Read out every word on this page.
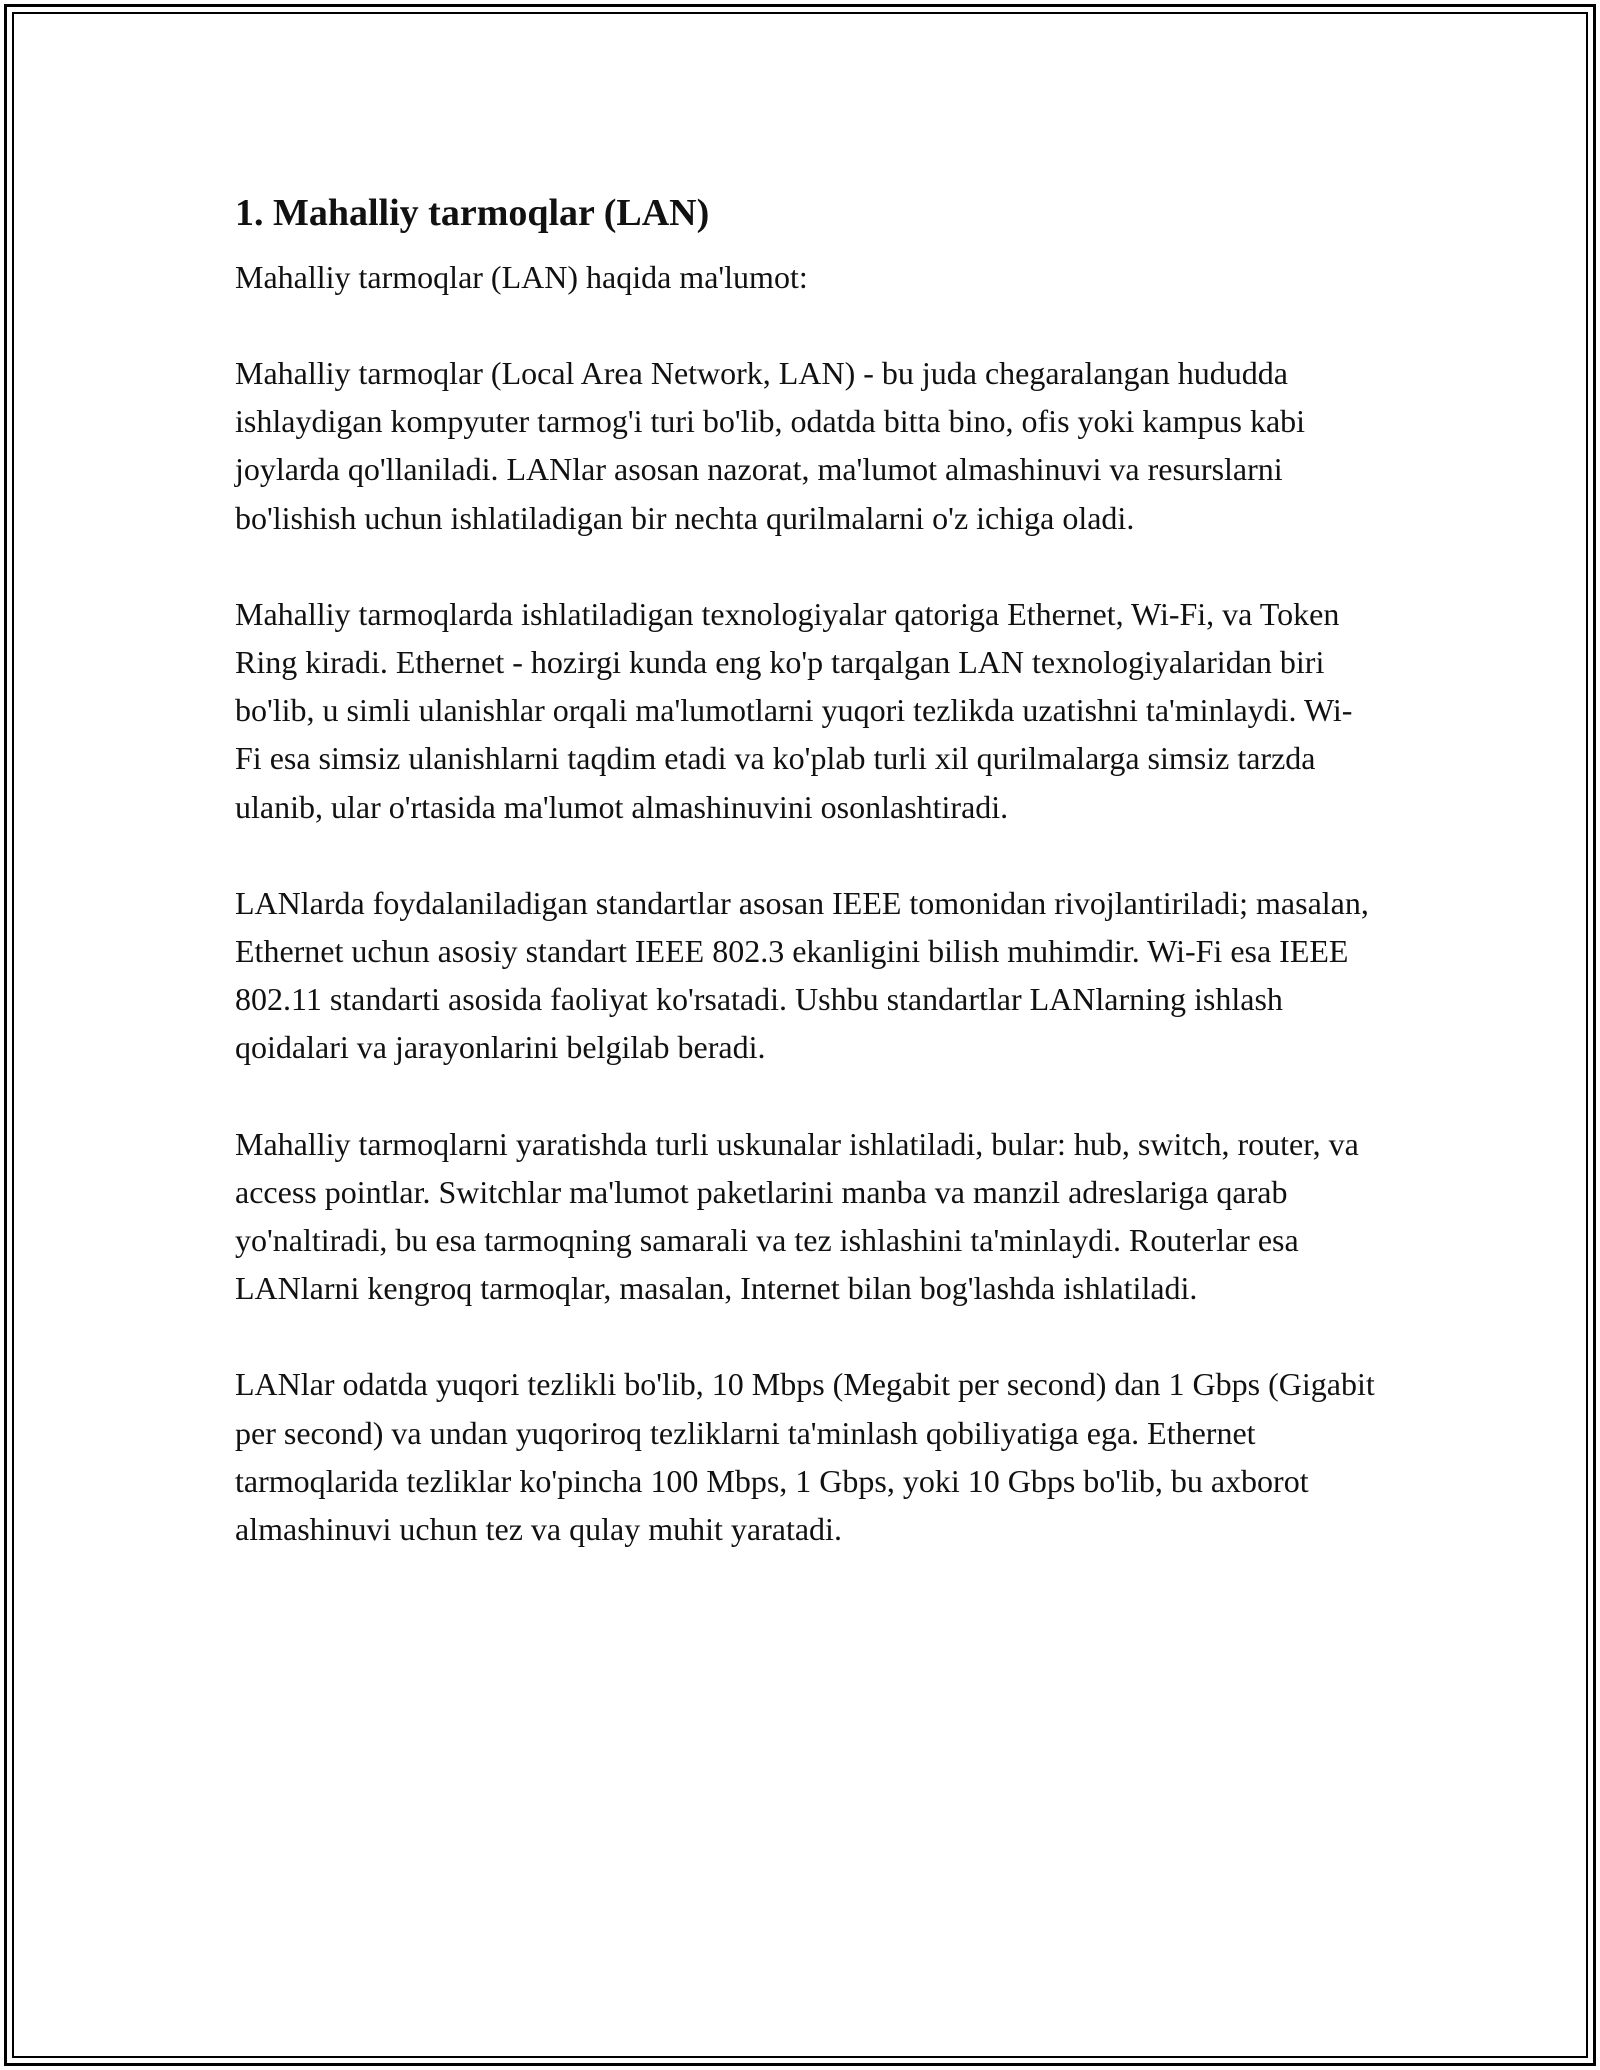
1. Mahalliy tarmoqlar (LAN)

Mahalliy tarmoqlar (LAN) haqida ma'lumot:

Mahalliy tarmoqlar (Local Area Network, LAN) - bu juda chegaralangan hududda ishlaydigan kompyuter tarmog'i turi bo'lib, odatda bitta bino, ofis yoki kampus kabi joylarda qo'llaniladi. LANlar asosan nazorat, ma'lumot almashinuvi va resurslarni bo'lishish uchun ishlatiladigan bir nechta qurilmalarni o'z ichiga oladi.

Mahalliy tarmoqlarda ishlatiladigan texnologiyalar qatoriga Ethernet, Wi-Fi, va Token Ring kiradi. Ethernet - hozirgi kunda eng ko'p tarqalgan LAN texnologiyalaridan biri bo'lib, u simli ulanishlar orqali ma'lumotlarni yuqori tezlikda uzatishni ta'minlaydi. Wi-Fi esa simsiz ulanishlarni taqdim etadi va ko'plab turli xil qurilmalarga simsiz tarzda ulanib, ular o'rtasida ma'lumot almashinuvini osonlashtiradi.

LANlarda foydalaniladigan standartlar asosan IEEE tomonidan rivojlantiriladi; masalan, Ethernet uchun asosiy standart IEEE 802.3 ekanligini bilish muhimdir. Wi-Fi esa IEEE 802.11 standarti asosida faoliyat ko'rsatadi. Ushbu standartlar LANlarning ishlash qoidalari va jarayonlarini belgilab beradi.

Mahalliy tarmoqlarni yaratishda turli uskunalar ishlatiladi, bular: hub, switch, router, va access pointlar. Switchlar ma'lumot paketlarini manba va manzil adreslariga qarab yo'naltiradi, bu esa tarmoqning samarali va tez ishlashini ta'minlaydi. Routerlar esa LANlarni kengroq tarmoqlar, masalan, Internet bilan bog'lashda ishlatiladi.

LANlar odatda yuqori tezlikli bo'lib, 10 Mbps (Megabit per second) dan 1 Gbps (Gigabit per second) va undan yuqoriroq tezliklarni ta'minlash qobiliyatiga ega. Ethernet tarmoqlarida tezliklar ko'pincha 100 Mbps, 1 Gbps, yoki 10 Gbps bo'lib, bu axborot almashinuvi uchun tez va qulay muhit yaratadi.
